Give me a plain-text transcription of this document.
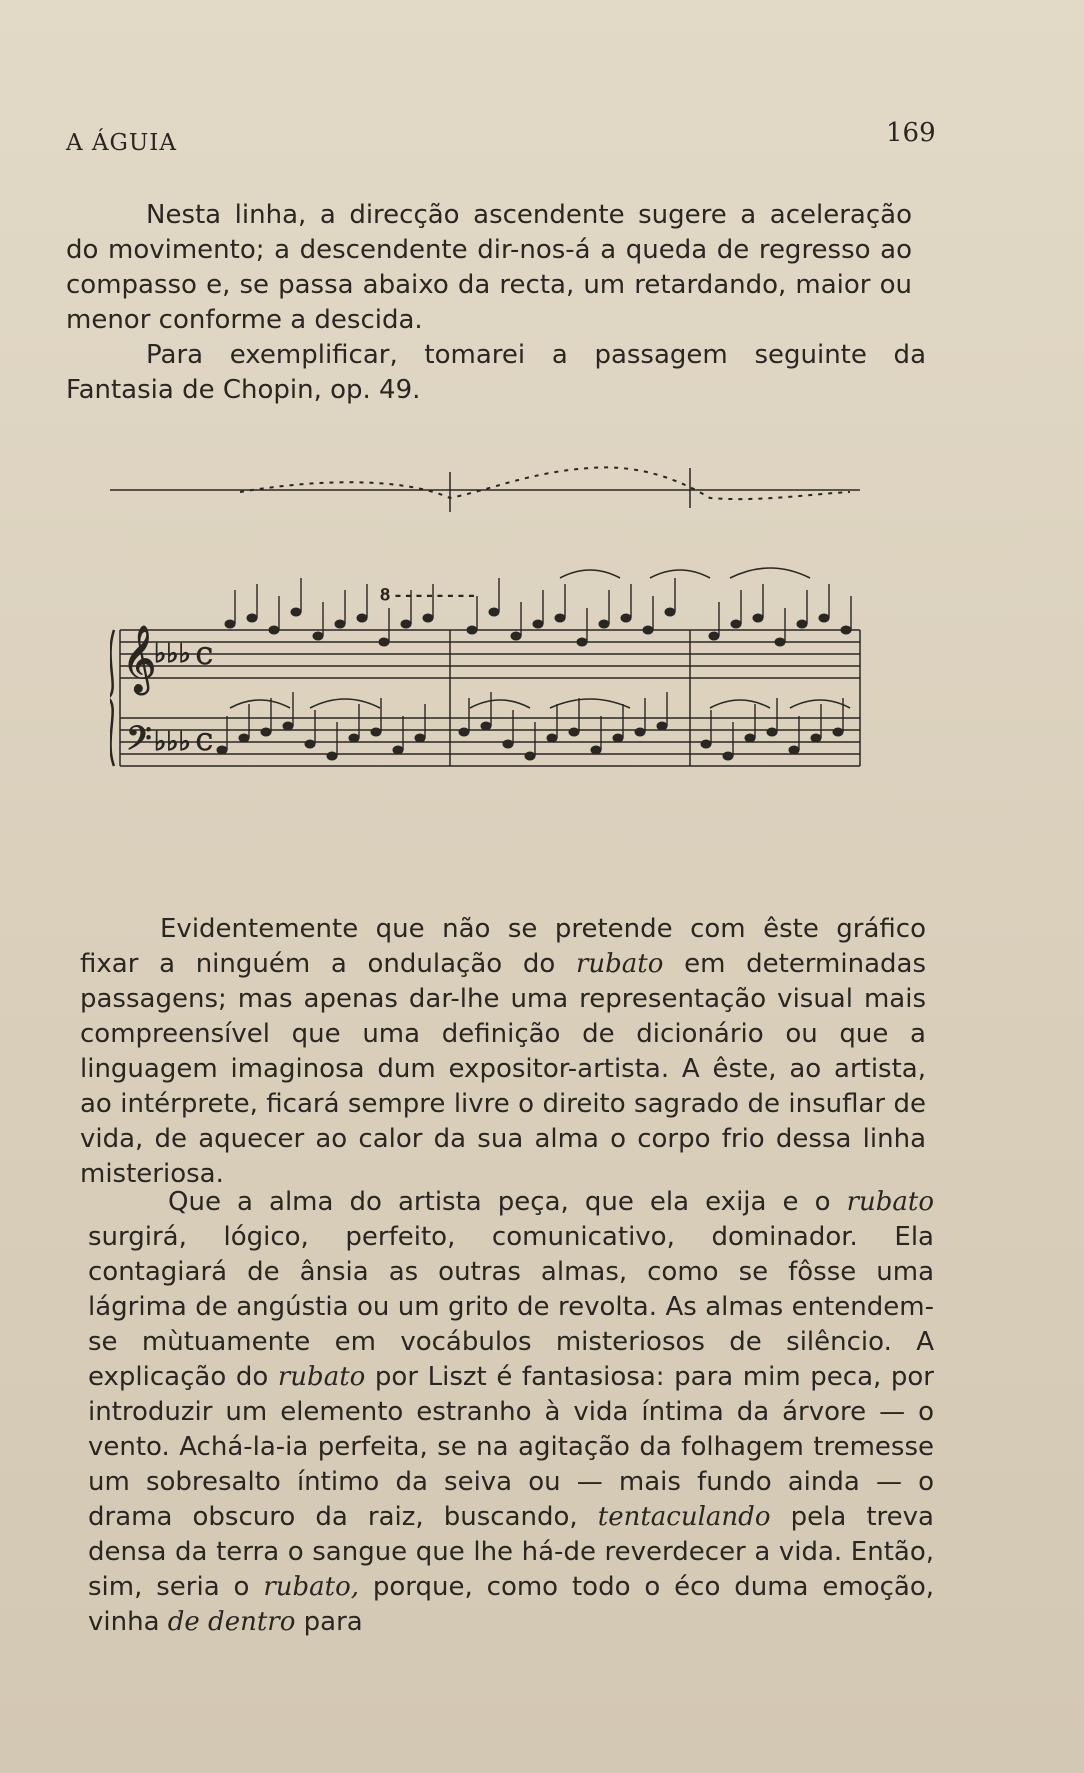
A ÁGUIA	169

Nesta linha, a direcção ascendente sugere a aceleração do movimento; a descendente dir-nos-á a queda de regresso ao compasso e, se passa abaixo da recta, um retardando, maior ou menor conforme a descida.

Para exemplificar, tomarei a passagem seguinte da Fantasia de Chopin, op. 49.

𝄞
𝄢
♭♭♭
♭♭♭
C
C
8 - - - - - - - -

Evidentemente que não se pretende com êste gráfico fixar a ninguém a ondulação do rubato em determinadas passagens; mas apenas dar-lhe uma representação visual mais compreensível que uma definição de dicionário ou que a linguagem imaginosa dum expositor-artista. A êste, ao artista, ao intérprete, ficará sempre livre o direito sagrado de insuflar de vida, de aquecer ao calor da sua alma o corpo frio dessa linha misteriosa.

Que a alma do artista peça, que ela exija e o rubato surgirá, lógico, perfeito, comunicativo, dominador. Ela contagiará de ânsia as outras almas, como se fôsse uma lágrima de angústia ou um grito de revolta. As almas entendem-se mùtuamente em vocábulos misteriosos de silêncio. A explicação do rubato por Liszt é fantasiosa: para mim peca, por introduzir um elemento estranho à vida íntima da árvore — o vento. Achá-la-ia perfeita, se na agitação da folhagem tremesse um sobresalto íntimo da seiva ou — mais fundo ainda — o drama obscuro da raiz, buscando, tentaculando pela treva densa da terra o sangue que lhe há-de reverdecer a vida. Então, sim, seria o rubato, porque, como todo o éco duma emoção, vinha de dentro para
